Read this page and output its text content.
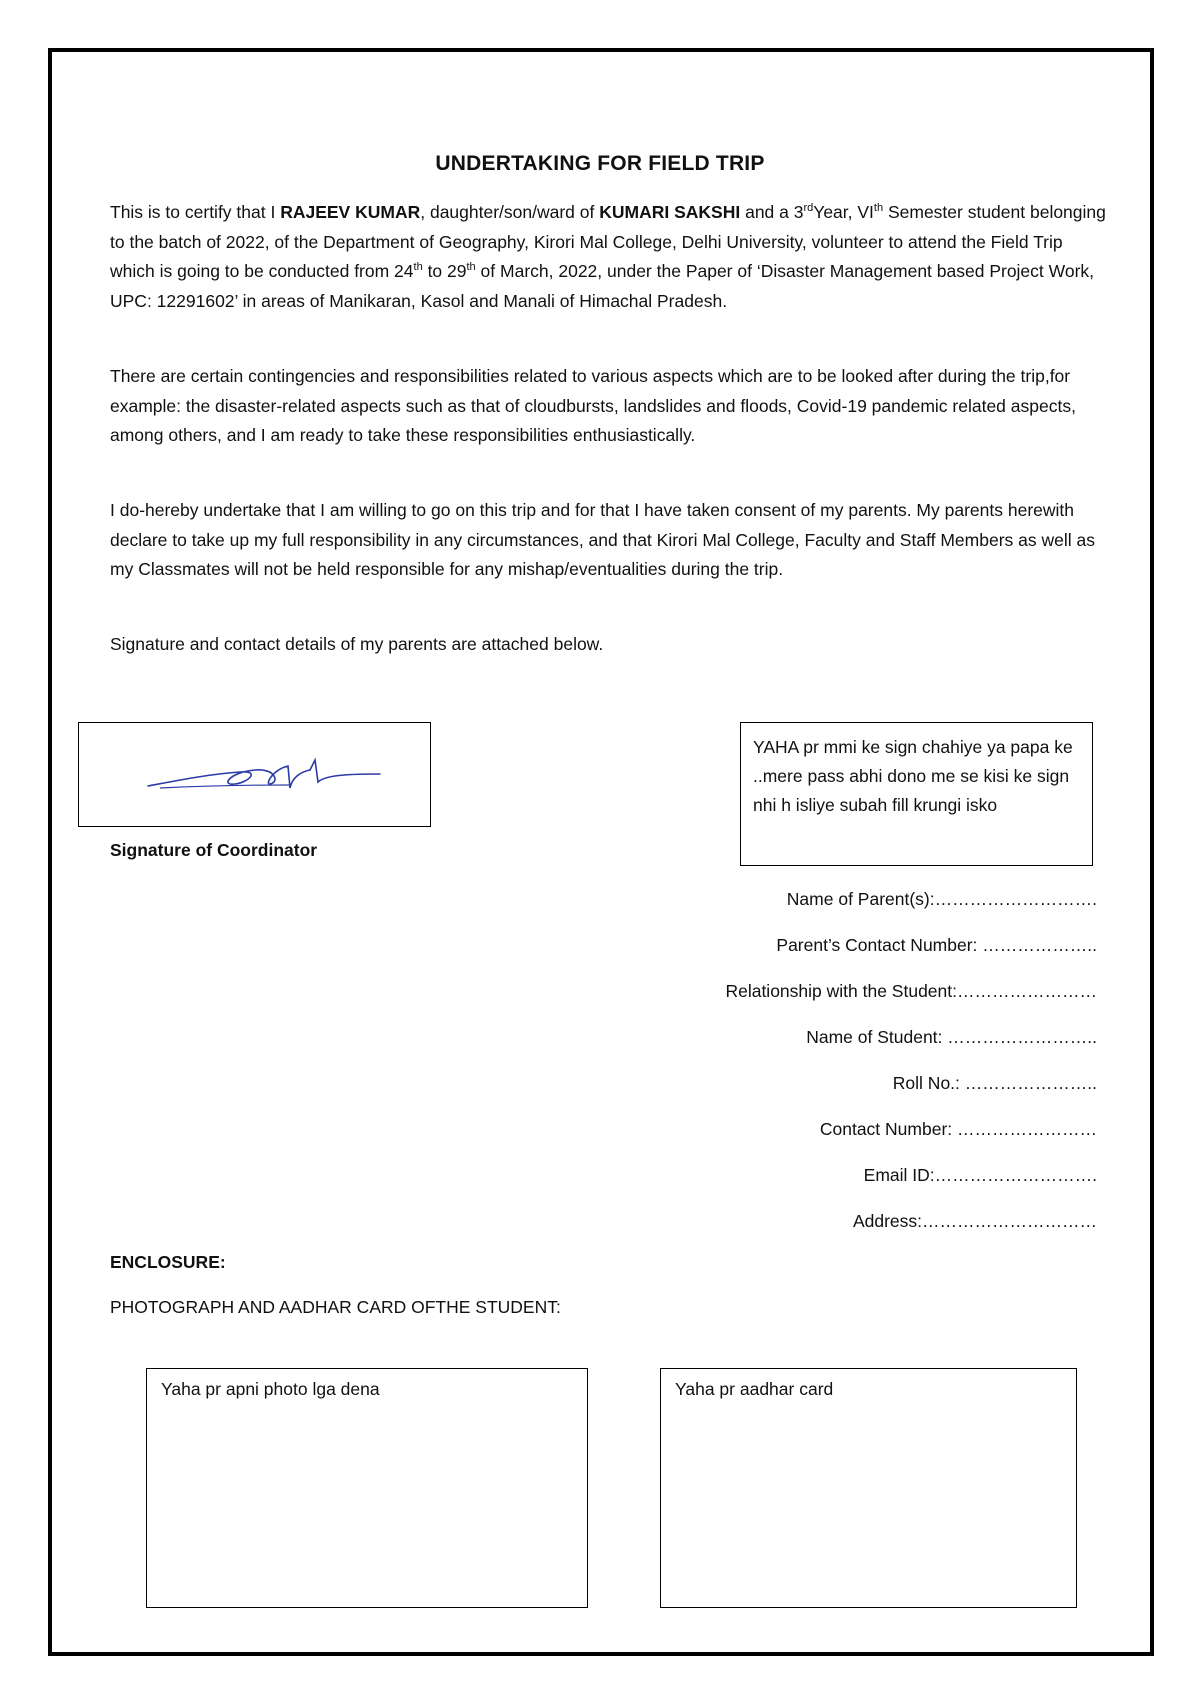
UNDERTAKING FOR FIELD TRIP
This is to certify that I RAJEEV KUMAR, daughter/son/ward of KUMARI SAKSHI and a 3rdYear, VIth Semester student belonging to the batch of 2022, of the Department of Geography, Kirori Mal College, Delhi University, volunteer to attend the Field Trip which is going to be conducted from 24th to 29th of March, 2022, under the Paper of ‘Disaster Management based Project Work, UPC: 12291602’ in areas of Manikaran, Kasol and Manali of Himachal Pradesh.
There are certain contingencies and responsibilities related to various aspects which are to be looked after during the trip,for example: the disaster-related aspects such as that of cloudbursts, landslides and floods, Covid-19 pandemic related aspects, among others, and I am ready to take these responsibilities enthusiastically.
I do-hereby undertake that I am willing to go on this trip and for that I have taken consent of my parents. My parents herewith declare to take up my full responsibility in any circumstances, and that Kirori Mal College, Faculty and Staff Members as well as my Classmates will not be held responsible for any mishap/eventualities during the trip.
Signature and contact details of my parents are attached below.
Signature of Coordinator
YAHA pr mmi ke sign chahiye ya papa ke ..mere pass abhi dono me se kisi ke sign nhi h isliye subah fill krungi isko
Name of Parent(s):……………………….
Parent’s Contact Number: ………………..
Relationship with the Student:……………………
Name of Student: ……………………..
Roll No.: …………………..
Contact Number: ……………………
Email ID:……………………….
Address:…………………………
ENCLOSURE:
PHOTOGRAPH AND AADHAR CARD OFTHE STUDENT:
Yaha pr apni photo lga dena	Yaha pr aadhar card
